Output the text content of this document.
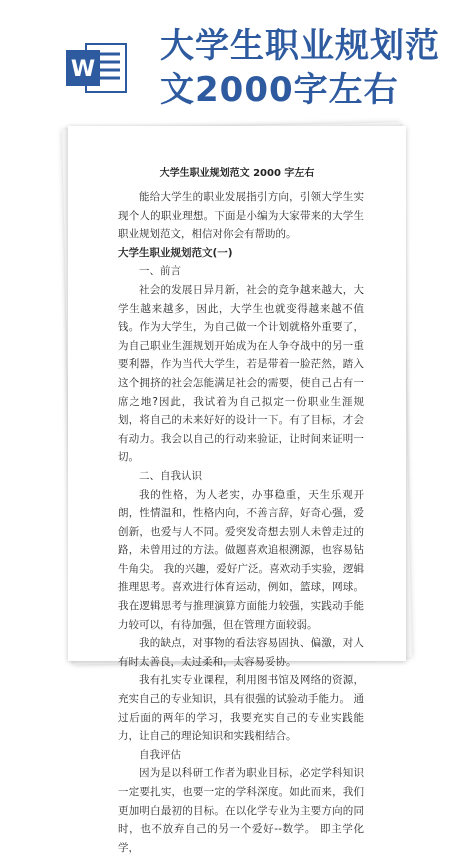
W
大学生职业规划范
文2000字左右
大学生职业规划范文 2000 字左右

能给大学生的职业发展指引方向，引领大学生实现个人的职业理想。下面是小编为大家带来的大学生职业规划范文，相信对你会有帮助的。

大学生职业规划范文(一)

一、前言

社会的发展日异月新，社会的竞争越来越大，大学生越来越多，因此，大学生也就变得越来越不值钱。作为大学生，为自己做一个计划就格外重要了，为自己职业生涯规划开始成为在人争夺战中的另一重要利器，作为当代大学生，若是带着一脸茫然，踏入这个拥挤的社会怎能满足社会的需要，使自己占有一席之地?因此，我试着为自己拟定一份职业生涯规划，将自己的未来好好的设计一下。有了目标，才会有动力。我会以自己的行动来验证，让时间来证明一切。

二、自我认识

我的性格，为人老实，办事稳重，天生乐观开朗，性情温和，性格内向，不善言辞，好奇心强，爱创新，也爱与人不同。爱突发奇想去别人未曾走过的路，未曾用过的方法。做题喜欢追根溯源，也容易钻牛角尖。 我的兴趣，爱好广泛。喜欢动手实验，逻辑推理思考。喜欢进行体育运动，例如，篮球，网球。 我在逻辑思考与推理演算方面能力较强，实践动手能力较可以，有待加强，但在管理方面较弱。

我的缺点，对事物的看法容易固执、偏激，对人有时太善良，太过柔和，太容易妥协。

我有扎实专业课程，利用图书馆及网络的资源，充实自己的专业知识，具有很强的试验动手能力。 通过后面的两年的学习，我要充实自己的专业实践能力，让自己的理论知识和实践相结合。

自我评估

因为是以科研工作者为职业目标，必定学科知识一定要扎实，也要一定的学科深度。如此而来，我们更加明白最初的目标。在以化学专业为主要方向的同时，也不放弃自己的另一个爱好--数学。 即主学化学，
